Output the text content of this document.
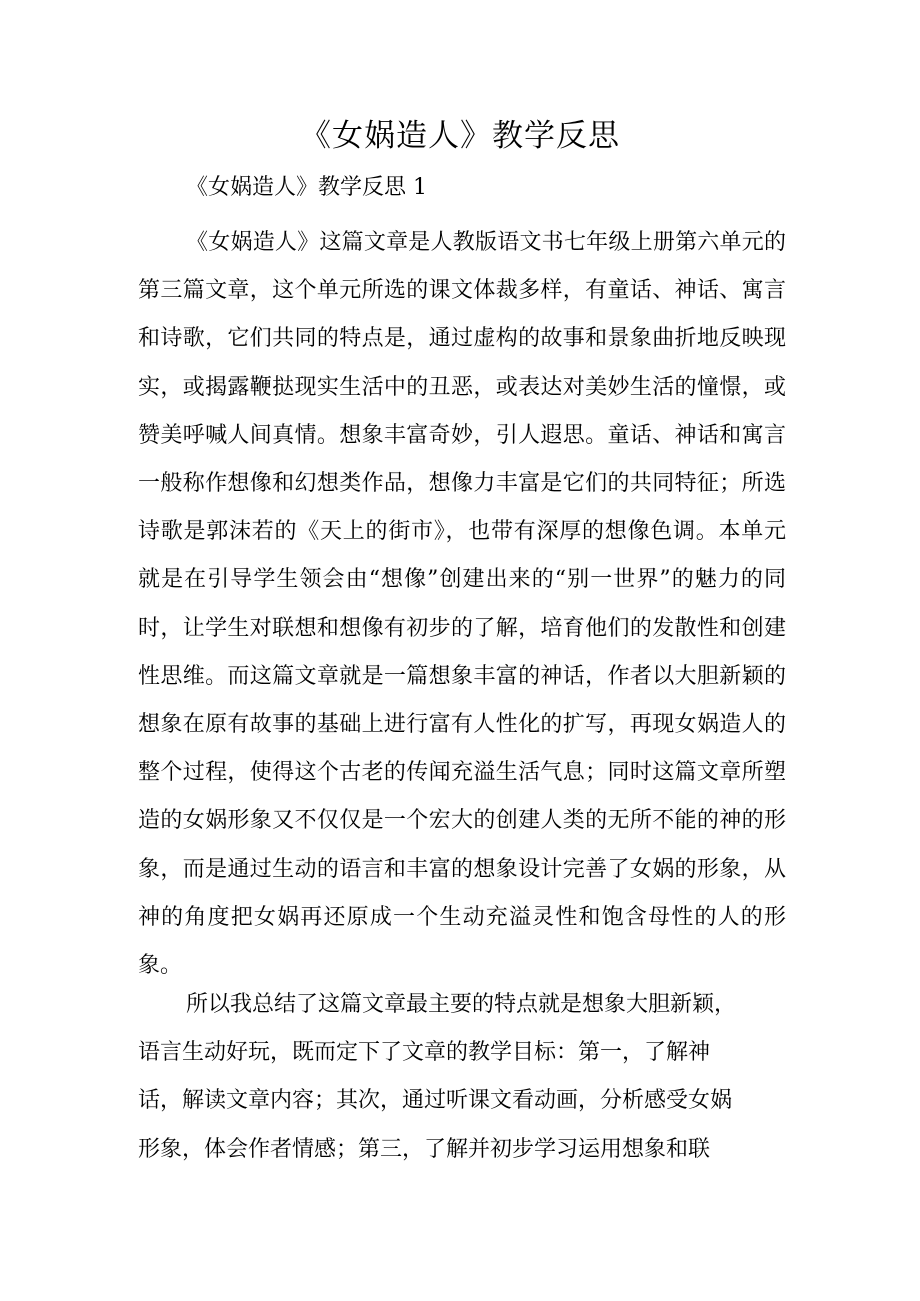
《女娲造人》教学反思
《女娲造人》教学反思 1
《女娲造人》这篇文章是人教版语文书七年级上册第六单元的第三篇文章，这个单元所选的课文体裁多样，有童话、神话、寓言和诗歌，它们共同的特点是，通过虚构的故事和景象曲折地反映现实，或揭露鞭挞现实生活中的丑恶，或表达对美妙生活的憧憬，或赞美呼喊人间真情。想象丰富奇妙，引人遐思。童话、神话和寓言一般称作想像和幻想类作品，想像力丰富是它们的共同特征；所选诗歌是郭沫若的《天上的街市》，也带有深厚的想像色调。本单元就是在引导学生领会由“想像”创建出来的“别一世界”的魅力的同时，让学生对联想和想像有初步的了解，培育他们的发散性和创建性思维。而这篇文章就是一篇想象丰富的神话，作者以大胆新颖的想象在原有故事的基础上进行富有人性化的扩写，再现女娲造人的整个过程，使得这个古老的传闻充溢生活气息；同时这篇文章所塑造的女娲形象又不仅仅是一个宏大的创建人类的无所不能的神的形象，而是通过生动的语言和丰富的想象设计完善了女娲的形象，从神的角度把女娲再还原成一个生动充溢灵性和饱含母性的人的形象。
所以我总结了这篇文章最主要的特点就是想象大胆新颖，
语言生动好玩，既而定下了文章的教学目标：第一，了解神
话，解读文章内容；其次，通过听课文看动画，分析感受女娲
形象，体会作者情感；第三，了解并初步学习运用想象和联
